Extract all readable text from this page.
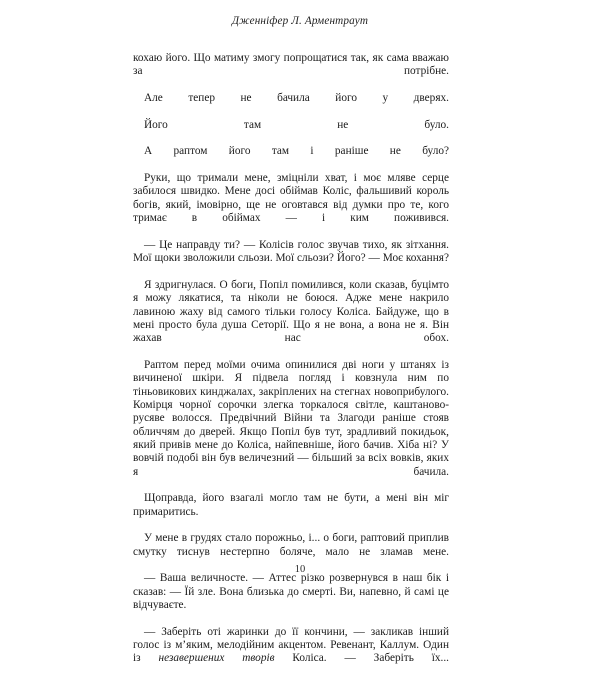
Дженніфер Л. Арментраут

кохаю його. Що матиму змогу попрощатися так, як сама вважаю за потрібне.

Але тепер не бачила його у дверях.

Його там не було.

А раптом його там і раніше не було?

Руки, що тримали мене, зміцніли хват, і моє мляве серце забилося швидко. Мене досі обіймав Коліс, фальшивий король богів, який, імовірно, ще не оговтався від думки про те, кого тримає в обіймах — і ким поживився.

— Це направду ти? — Колісів голос звучав тихо, як зітхання. Мої щоки зволожили сльози. Мої сльози? Його? — Моє кохання?

Я здригнулася. О боги, Попіл помилився, коли сказав, буцімто я можу лякатися, та ніколи не боюся. Адже мене накрило лавиною жаху від самого тільки голосу Коліса. Байдуже, що в мені просто була душа Сеторії. Що я не вона, а вона не я. Він жахав нас обох.

Раптом перед моїми очима опинилися дві ноги у штанях із вичиненої шкіри. Я підвела погляд і ковзнула ним по тіньовикових кинджалах, закріплених на стегнах новоприбулого. Комірця чорної сорочки злегка торкалося світле, каштаново-русяве волосся. Предвічний Війни та Злагоди раніше стояв обличчям до дверей. Якщо Попіл був тут, зрадливий покидьок, який привів мене до Коліса, найпевніше, його бачив. Хіба ні? У вовчій подобі він був величезний — більший за всіх вовків, яких я бачила.

Щоправда, його взагалі могло там не бути, а мені він міг примаритись.

У мене в грудях стало порожньо, і... о боги, раптовий приплив смутку тиснув нестерпно боляче, мало не зламав мене.

— Ваша величносте. — Аттес різко розвернувся в наш бік і сказав: — Їй зле. Вона близька до смерті. Ви, напевно, й самі це відчуваєте.

— Заберіть оті жаринки до її кончини, — закликав інший голос із м’яким, мелодійним акцентом. Ревенант, Каллум. Один із незавершених творів Коліса. — Заберіть їх...

10
